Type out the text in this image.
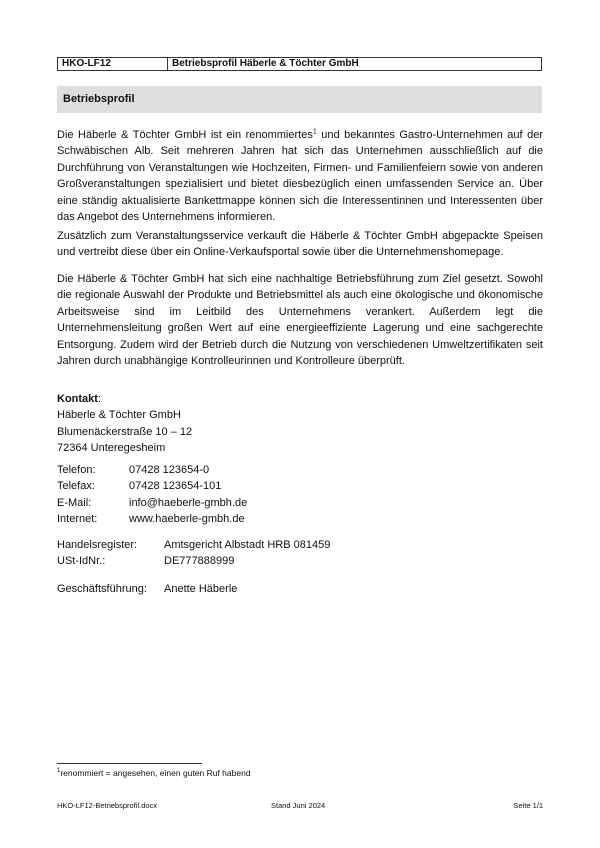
HKO-LF12	Betriebsprofil Häberle & Töchter GmbH
Betriebsprofil

Die Häberle & Töchter GmbH ist ein renommiertes$^1$ und bekanntes Gastro-Unternehmen auf der Schwäbischen Alb. Seit mehreren Jahren hat sich das Unternehmen ausschließlich auf die Durchführung von Veranstaltungen wie Hochzeiten, Firmen- und Familienfeiern sowie von anderen Großveranstaltungen spezialisiert und bietet diesbezüglich einen umfassenden Service an. Über eine ständig aktualisierte Bankettmappe können sich die Interessentinnen und Interessenten über das Angebot des Unternehmens informieren.

Zusätzlich zum Veranstaltungsservice verkauft die Häberle & Töchter GmbH abgepackte Speisen und vertreibt diese über ein Online-Verkaufsportal sowie über die Unternehmenshomepage.

Die Häberle & Töchter GmbH hat sich eine nachhaltige Betriebsführung zum Ziel gesetzt. Sowohl die regionale Auswahl der Produkte und Betriebsmittel als auch eine ökologische und ökonomische Arbeitsweise sind im Leitbild des Unternehmens verankert. Außerdem legt die Unternehmensleitung großen Wert auf eine energieeffiziente Lagerung und eine sachgerechte Entsorgung. Zudem wird der Betrieb durch die Nutzung von verschiedenen Umweltzertifikaten seit Jahren durch unabhängige Kontrolleurinnen und Kontrolleure überprüft.

Kontakt:
Häberle & Töchter GmbH
Blumenäckerstraße 10 – 12
72364 Unteregesheim
Telefon:	07428 123654-0
Telefax:	07428 123654-101
E-Mail:	info@haeberle-gmbh.de
Internet:	www.haeberle-gmbh.de
Handelsregister:	Amtsgericht Albstadt HRB 081459
USt-IdNr.:	DE777888999
Geschäftsführung:	Anette Häberle
$^1$renommiert = angesehen, einen guten Ruf habend
HKO-LF12-Betriebsprofil.docx	Stand Juni 2024	Seite 1/1
